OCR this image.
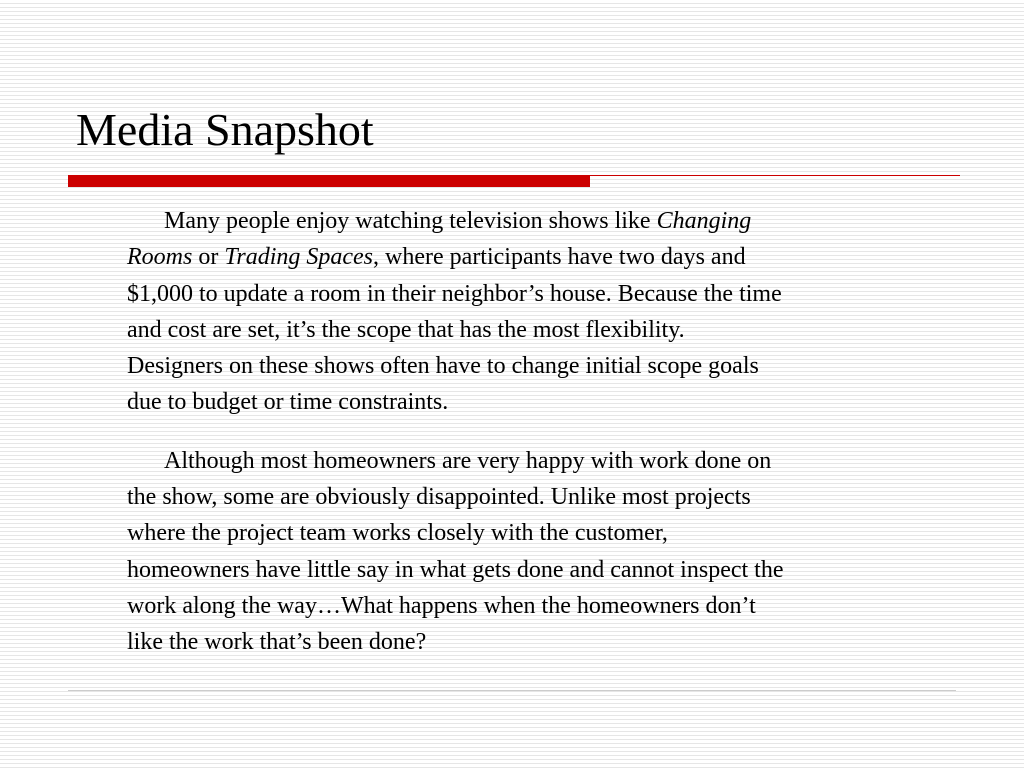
Media Snapshot
Many people enjoy watching television shows like Changing
Rooms or Trading Spaces, where participants have two days and
$1,000 to update a room in their neighbor’s house. Because the time
and cost are set, it’s the scope that has the most flexibility.
Designers on these shows often have to change initial scope goals
due to budget or time constraints.
Although most homeowners are very happy with work done on
the show, some are obviously disappointed. Unlike most projects
where the project team works closely with the customer,
homeowners have little say in what gets done and cannot inspect the
work along the way…What happens when the homeowners don’t
like the work that’s been done?
